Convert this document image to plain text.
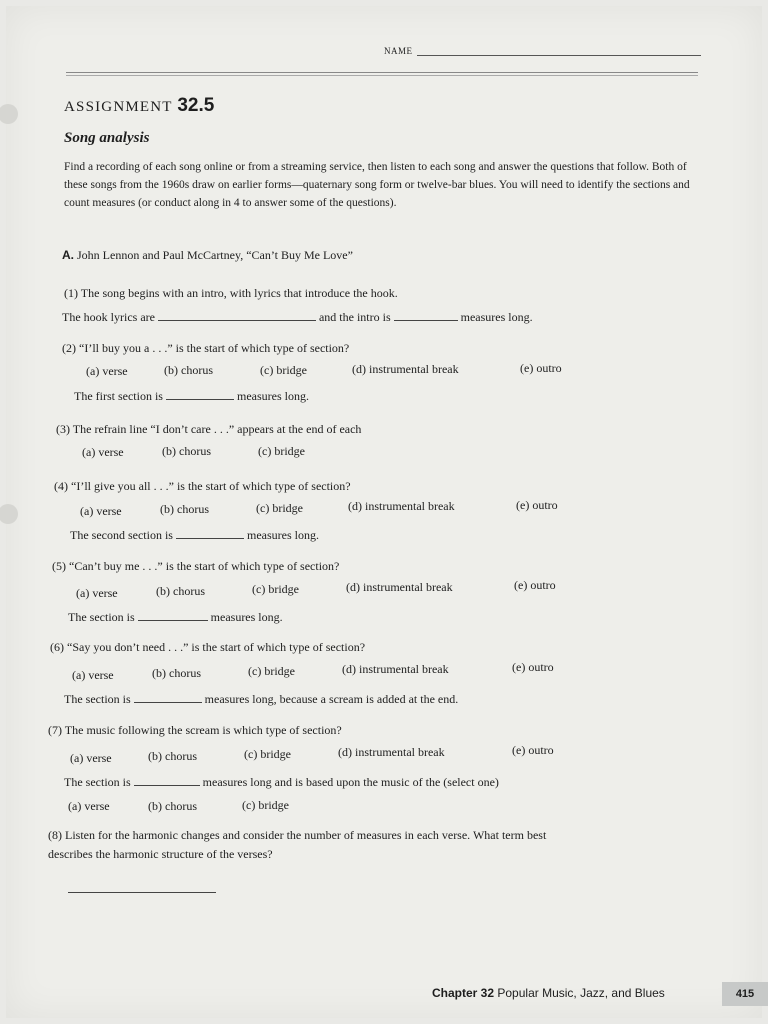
NAME
ASSIGNMENT 32.5
Song analysis
Find a recording of each song online or from a streaming service, then listen to each song and answer the questions that follow. Both of these songs from the 1960s draw on earlier forms—quaternary song form or twelve-bar blues. You will need to identify the sections and count measures (or conduct along in 4 to answer some of the questions).
A. John Lennon and Paul McCartney, “Can’t Buy Me Love”
(1) The song begins with an intro, with lyrics that introduce the hook.
The hook lyrics are	and the intro is	measures long.
(2) “I’ll buy you a . . .” is the start of which type of section?
(a) verse	(b) chorus	(c) bridge	(d) instrumental break	(e) outro
The first section is	measures long.
(3) The refrain line “I don’t care . . .” appears at the end of each
(a) verse	(b) chorus	(c) bridge
(4) “I’ll give you all . . .” is the start of which type of section?
(a) verse	(b) chorus	(c) bridge	(d) instrumental break	(e) outro
The second section is	measures long.
(5) “Can’t buy me . . .” is the start of which type of section?
(a) verse	(b) chorus	(c) bridge	(d) instrumental break	(e) outro
The section is	measures long.
(6) “Say you don’t need . . .” is the start of which type of section?
(a) verse	(b) chorus	(c) bridge	(d) instrumental break	(e) outro
The section is	measures long, because a scream is added at the end.
(7) The music following the scream is which type of section?
(a) verse	(b) chorus	(c) bridge	(d) instrumental break	(e) outro
The section is	measures long and is based upon the music of the (select one)
(a) verse	(b) chorus	(c) bridge
(8) Listen for the harmonic changes and consider the number of measures in each verse. What term best
describes the harmonic structure of the verses?
Chapter 32 Popular Music, Jazz, and Blues	415
